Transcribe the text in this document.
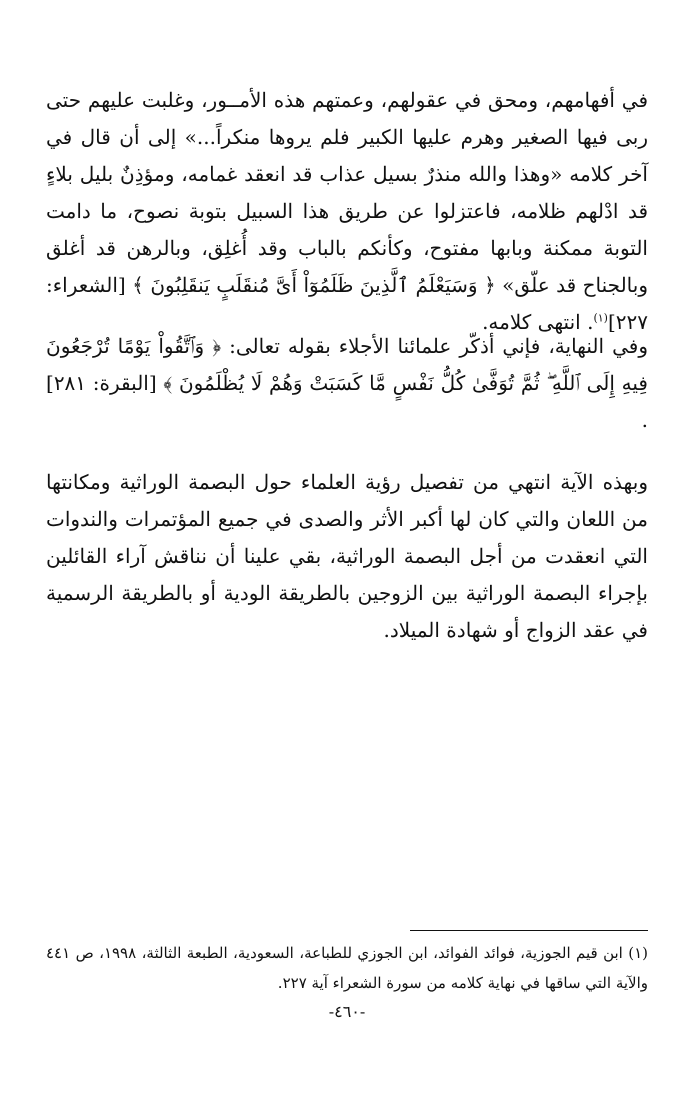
في أفهامهم، ومحق في عقولهم، وعمتهم هذه الأمــور، وغلبت عليهم حتى ربى فيها الصغير وهرم عليها الكبير فلم يروها منكراً...» إلى أن قال في آخر كلامه «وهذا والله منذرٌ بسيل عذاب قد انعقد غمامه، ومؤذِنٌ بليل بلاءٍ قد ادْلهم ظلامه، فاعتزلوا عن طريق هذا السبيل بتوبة نصوح، ما دامت التوبة ممكنة وبابها مفتوح، وكأنكم بالباب وقد أُغلِق، وبالرهن قد أغلق وبالجناح قد علّق» ﴿ وَسَيَعْلَمُ ٱلَّذِينَ ظَلَمُوٓاْ أَىَّ مُنقَلَبٍ يَنقَلِبُونَ ﴾ [الشعراء: ٢٢٧]$^{(١)}$. انتهى كلامه.

وفي النهاية، فإني أذكّر علمائنا الأجلاء بقوله تعالى: ﴿ وَٱتَّقُواْ يَوْمًا تُرْجَعُونَ فِيهِ إِلَى ٱللَّهِ ۖ ثُمَّ تُوَفَّىٰ كُلُّ نَفْسٍ مَّا كَسَبَتْ وَهُمْ لَا يُظْلَمُونَ ﴾ [البقرة: ٢٨١] .

وبهذه الآية انتهي من تفصيل رؤية العلماء حول البصمة الوراثية ومكانتها من اللعان والتي كان لها أكبر الأثر والصدى في جميع المؤتمرات والندوات التي انعقدت من أجل البصمة الوراثية، بقي علينا أن نناقش آراء القائلين بإجراء البصمة الوراثية بين الزوجين بالطريقة الودية أو بالطريقة الرسمية في عقد الزواج أو شهادة الميلاد.

(١) ابن قيم الجوزية، فوائد الفوائد، ابن الجوزي للطباعة، السعودية، الطبعة الثالثة، ١٩٩٨، ص ٤٤١ والآية التي ساقها في نهاية كلامه من سورة الشعراء آية ٢٢٧.

-٤٦٠-
